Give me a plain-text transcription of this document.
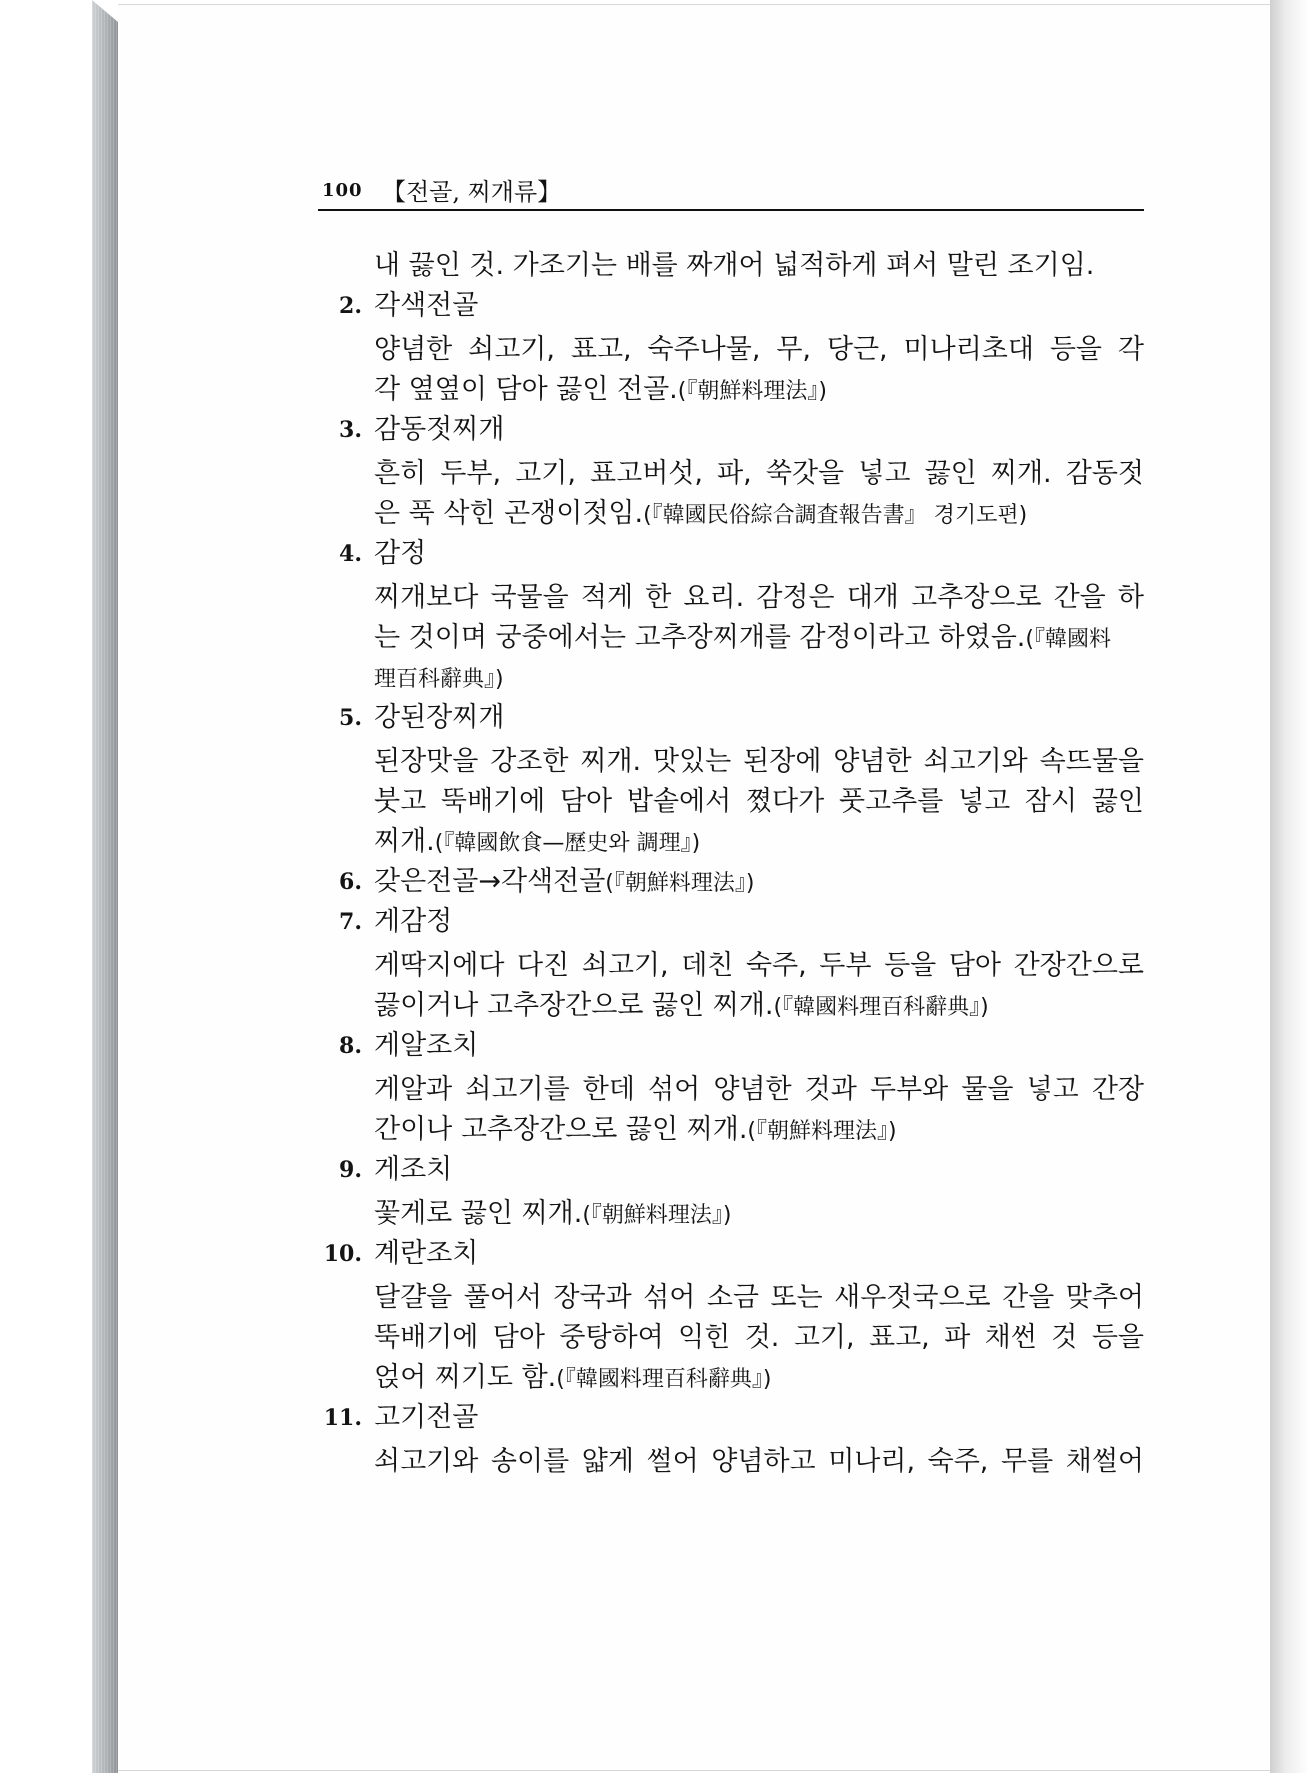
100 【전골, 찌개류】
내 끓인 것. 가조기는 배를 짜개어 넓적하게 펴서 말린 조기임.
2. 각색전골
양념한 쇠고기, 표고, 숙주나물, 무, 당근, 미나리초대 등을 각
각 옆옆이 담아 끓인 전골.(『朝鮮料理法』)
3. 감동젓찌개
흔히 두부, 고기, 표고버섯, 파, 쑥갓을 넣고 끓인 찌개. 감동젓
은 푹 삭힌 곤쟁이젓임.(『韓國民俗綜合調査報告書』 경기도편)
4. 감정
찌개보다 국물을 적게 한 요리. 감정은 대개 고추장으로 간을 하
는 것이며 궁중에서는 고추장찌개를 감정이라고 하였음.(『韓國料
理百科辭典』)
5. 강된장찌개
된장맛을 강조한 찌개. 맛있는 된장에 양념한 쇠고기와 속뜨물을
붓고 뚝배기에 담아 밥솥에서 쪘다가 풋고추를 넣고 잠시 끓인
찌개.(『韓國飲食—歷史와 調理』)
6. 갖은전골→각색전골(『朝鮮料理法』)
7. 게감정
게딱지에다 다진 쇠고기, 데친 숙주, 두부 등을 담아 간장간으로
끓이거나 고추장간으로 끓인 찌개.(『韓國料理百科辭典』)
8. 게알조치
게알과 쇠고기를 한데 섞어 양념한 것과 두부와 물을 넣고 간장
간이나 고추장간으로 끓인 찌개.(『朝鮮料理法』)
9. 게조치
꽃게로 끓인 찌개.(『朝鮮料理法』)
10. 계란조치
달걀을 풀어서 장국과 섞어 소금 또는 새우젓국으로 간을 맞추어
뚝배기에 담아 중탕하여 익힌 것. 고기, 표고, 파 채썬 것 등을
얹어 찌기도 함.(『韓國料理百科辭典』)
11. 고기전골
쇠고기와 송이를 얇게 썰어 양념하고 미나리, 숙주, 무를 채썰어
